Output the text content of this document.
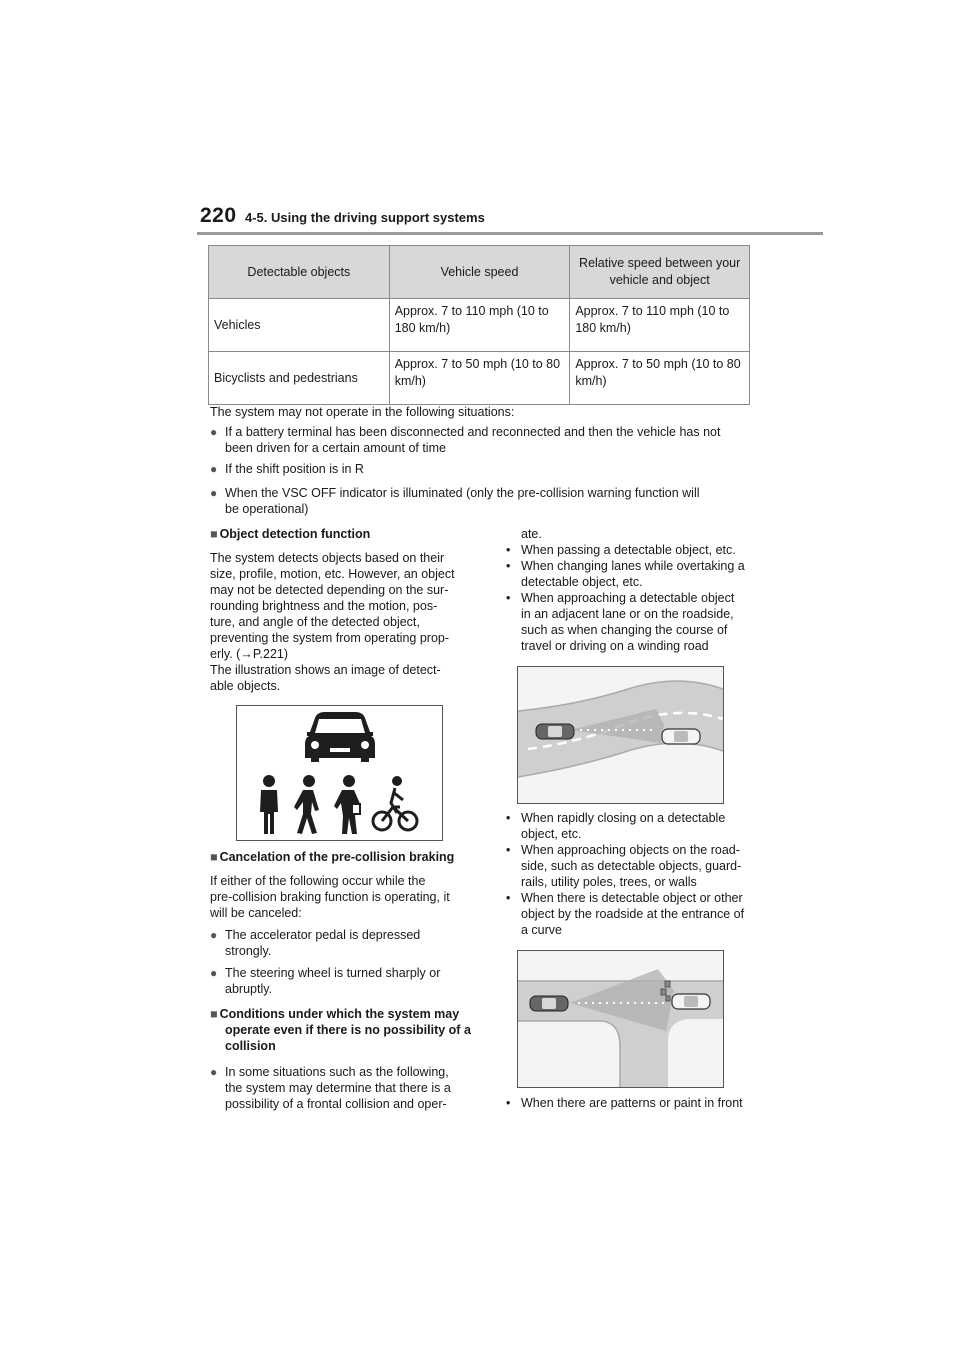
220 4-5. Using the driving support systems
Detectable objects	Vehicle speed	Relative speed between your vehicle and object
Vehicles	Approx. 7 to 110 mph (10 to 180 km/h)	Approx. 7 to 110 mph (10 to 180 km/h)
Bicyclists and pedestrians	Approx. 7 to 50 mph (10 to 80 km/h)	Approx. 7 to 50 mph (10 to 80 km/h)
The system may not operate in the following situations:
● If a battery terminal has been disconnected and reconnected and then the vehicle has not
been driven for a certain amount of time
● If the shift position is in R
● When the VSC OFF indicator is illuminated (only the pre-collision warning function will
be operational)
■ Object detection function
The system detects objects based on their
size, profile, motion, etc. However, an object
may not be detected depending on the sur-
rounding brightness and the motion, pos-
ture, and angle of the detected object,
preventing the system from operating prop-
erly. (→P.221)
The illustration shows an image of detect-
able objects.
■ Cancelation of the pre-collision braking
If either of the following occur while the
pre-collision braking function is operating, it
will be canceled:
● The accelerator pedal is depressed
strongly.
● The steering wheel is turned sharply or
abruptly.
■ Conditions under which the system may
operate even if there is no possibility of a
collision
● In some situations such as the following,
the system may determine that there is a
possibility of a frontal collision and oper-
ate.
• When passing a detectable object, etc.
• When changing lanes while overtaking a
detectable object, etc.
• When approaching a detectable object
in an adjacent lane or on the roadside,
such as when changing the course of
travel or driving on a winding road
• When rapidly closing on a detectable
object, etc.
• When approaching objects on the road-
side, such as detectable objects, guard-
rails, utility poles, trees, or walls
• When there is detectable object or other
object by the roadside at the entrance of
a curve
• When there are patterns or paint in front
